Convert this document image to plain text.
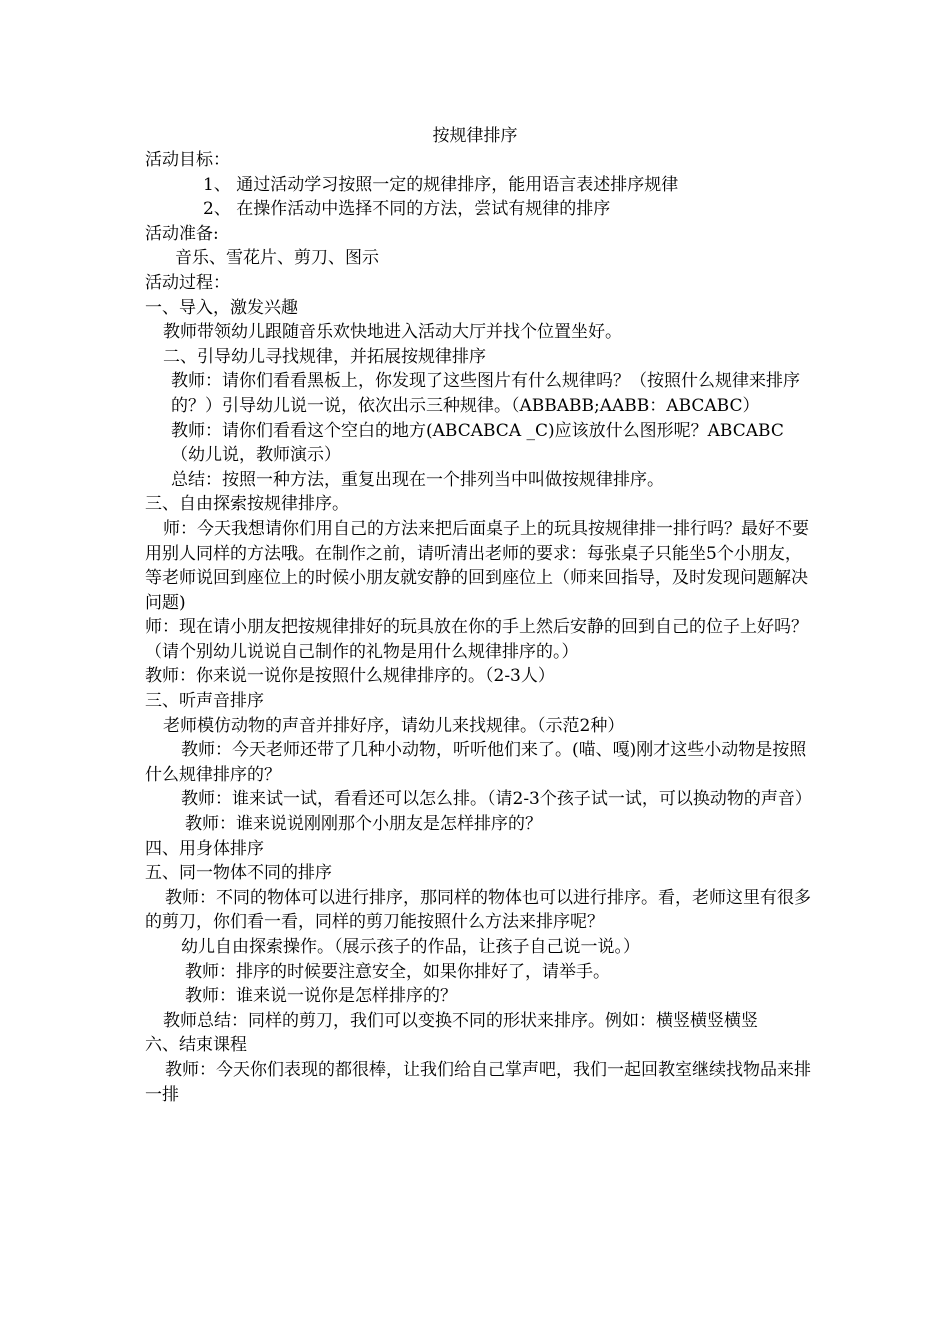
按规律排序
活动目标：
1、 通过活动学习按照一定的规律排序，能用语言表述排序规律
2、 在操作活动中选择不同的方法，尝试有规律的排序
活动准备:
音乐、雪花片、剪刀、图示
活动过程：
一、导入，激发兴趣
教师带领幼儿跟随音乐欢快地进入活动大厅并找个位置坐好。
二、引导幼儿寻找规律，并拓展按规律排序
教师：请你们看看黑板上，你发现了这些图片有什么规律吗？（按照什么规律来排序的？）引导幼儿说一说，依次出示三种规律。（ABBABB;AABB：ABCABC）
教师：请你们看看这个空白的地方(ABCABCA _C)应该放什么图形呢？ABCABC（幼儿说，教师演示）
总结：按照一种方法，重复出现在一个排列当中叫做按规律排序。
三、自由探索按规律排序。
师：今天我想请你们用自己的方法来把后面桌子上的玩具按规律排一排行吗？最好不要用别人同样的方法哦。在制作之前，请听清出老师的要求：每张桌子只能坐5个小朋友，等老师说回到座位上的时候小朋友就安静的回到座位上（师来回指导，及时发现问题解决问题)
师：现在请小朋友把按规律排好的玩具放在你的手上然后安静的回到自己的位子上好吗？（请个别幼儿说说自己制作的礼物是用什么规律排序的。）
教师：你来说一说你是按照什么规律排序的。（2-3人）
三、听声音排序
老师模仿动物的声音并排好序，请幼儿来找规律。（示范2种）
教师：今天老师还带了几种小动物，听听他们来了。(喵、嘎)刚才这些小动物是按照什么规律排序的？
教师：谁来试一试，看看还可以怎么排。（请2-3个孩子试一试，可以换动物的声音）
教师：谁来说说刚刚那个小朋友是怎样排序的？
四、用身体排序
五、同一物体不同的排序
教师：不同的物体可以进行排序，那同样的物体也可以进行排序。看，老师这里有很多的剪刀，你们看一看，同样的剪刀能按照什么方法来排序呢？
幼儿自由探索操作。（展示孩子的作品，让孩子自己说一说。）
教师：排序的时候要注意安全，如果你排好了，请举手。
教师：谁来说一说你是怎样排序的？
教师总结：同样的剪刀，我们可以变换不同的形状来排序。例如：横竖横竖横竖
六、结束课程
教师：今天你们表现的都很棒，让我们给自己掌声吧，我们一起回教室继续找物品来排一排
